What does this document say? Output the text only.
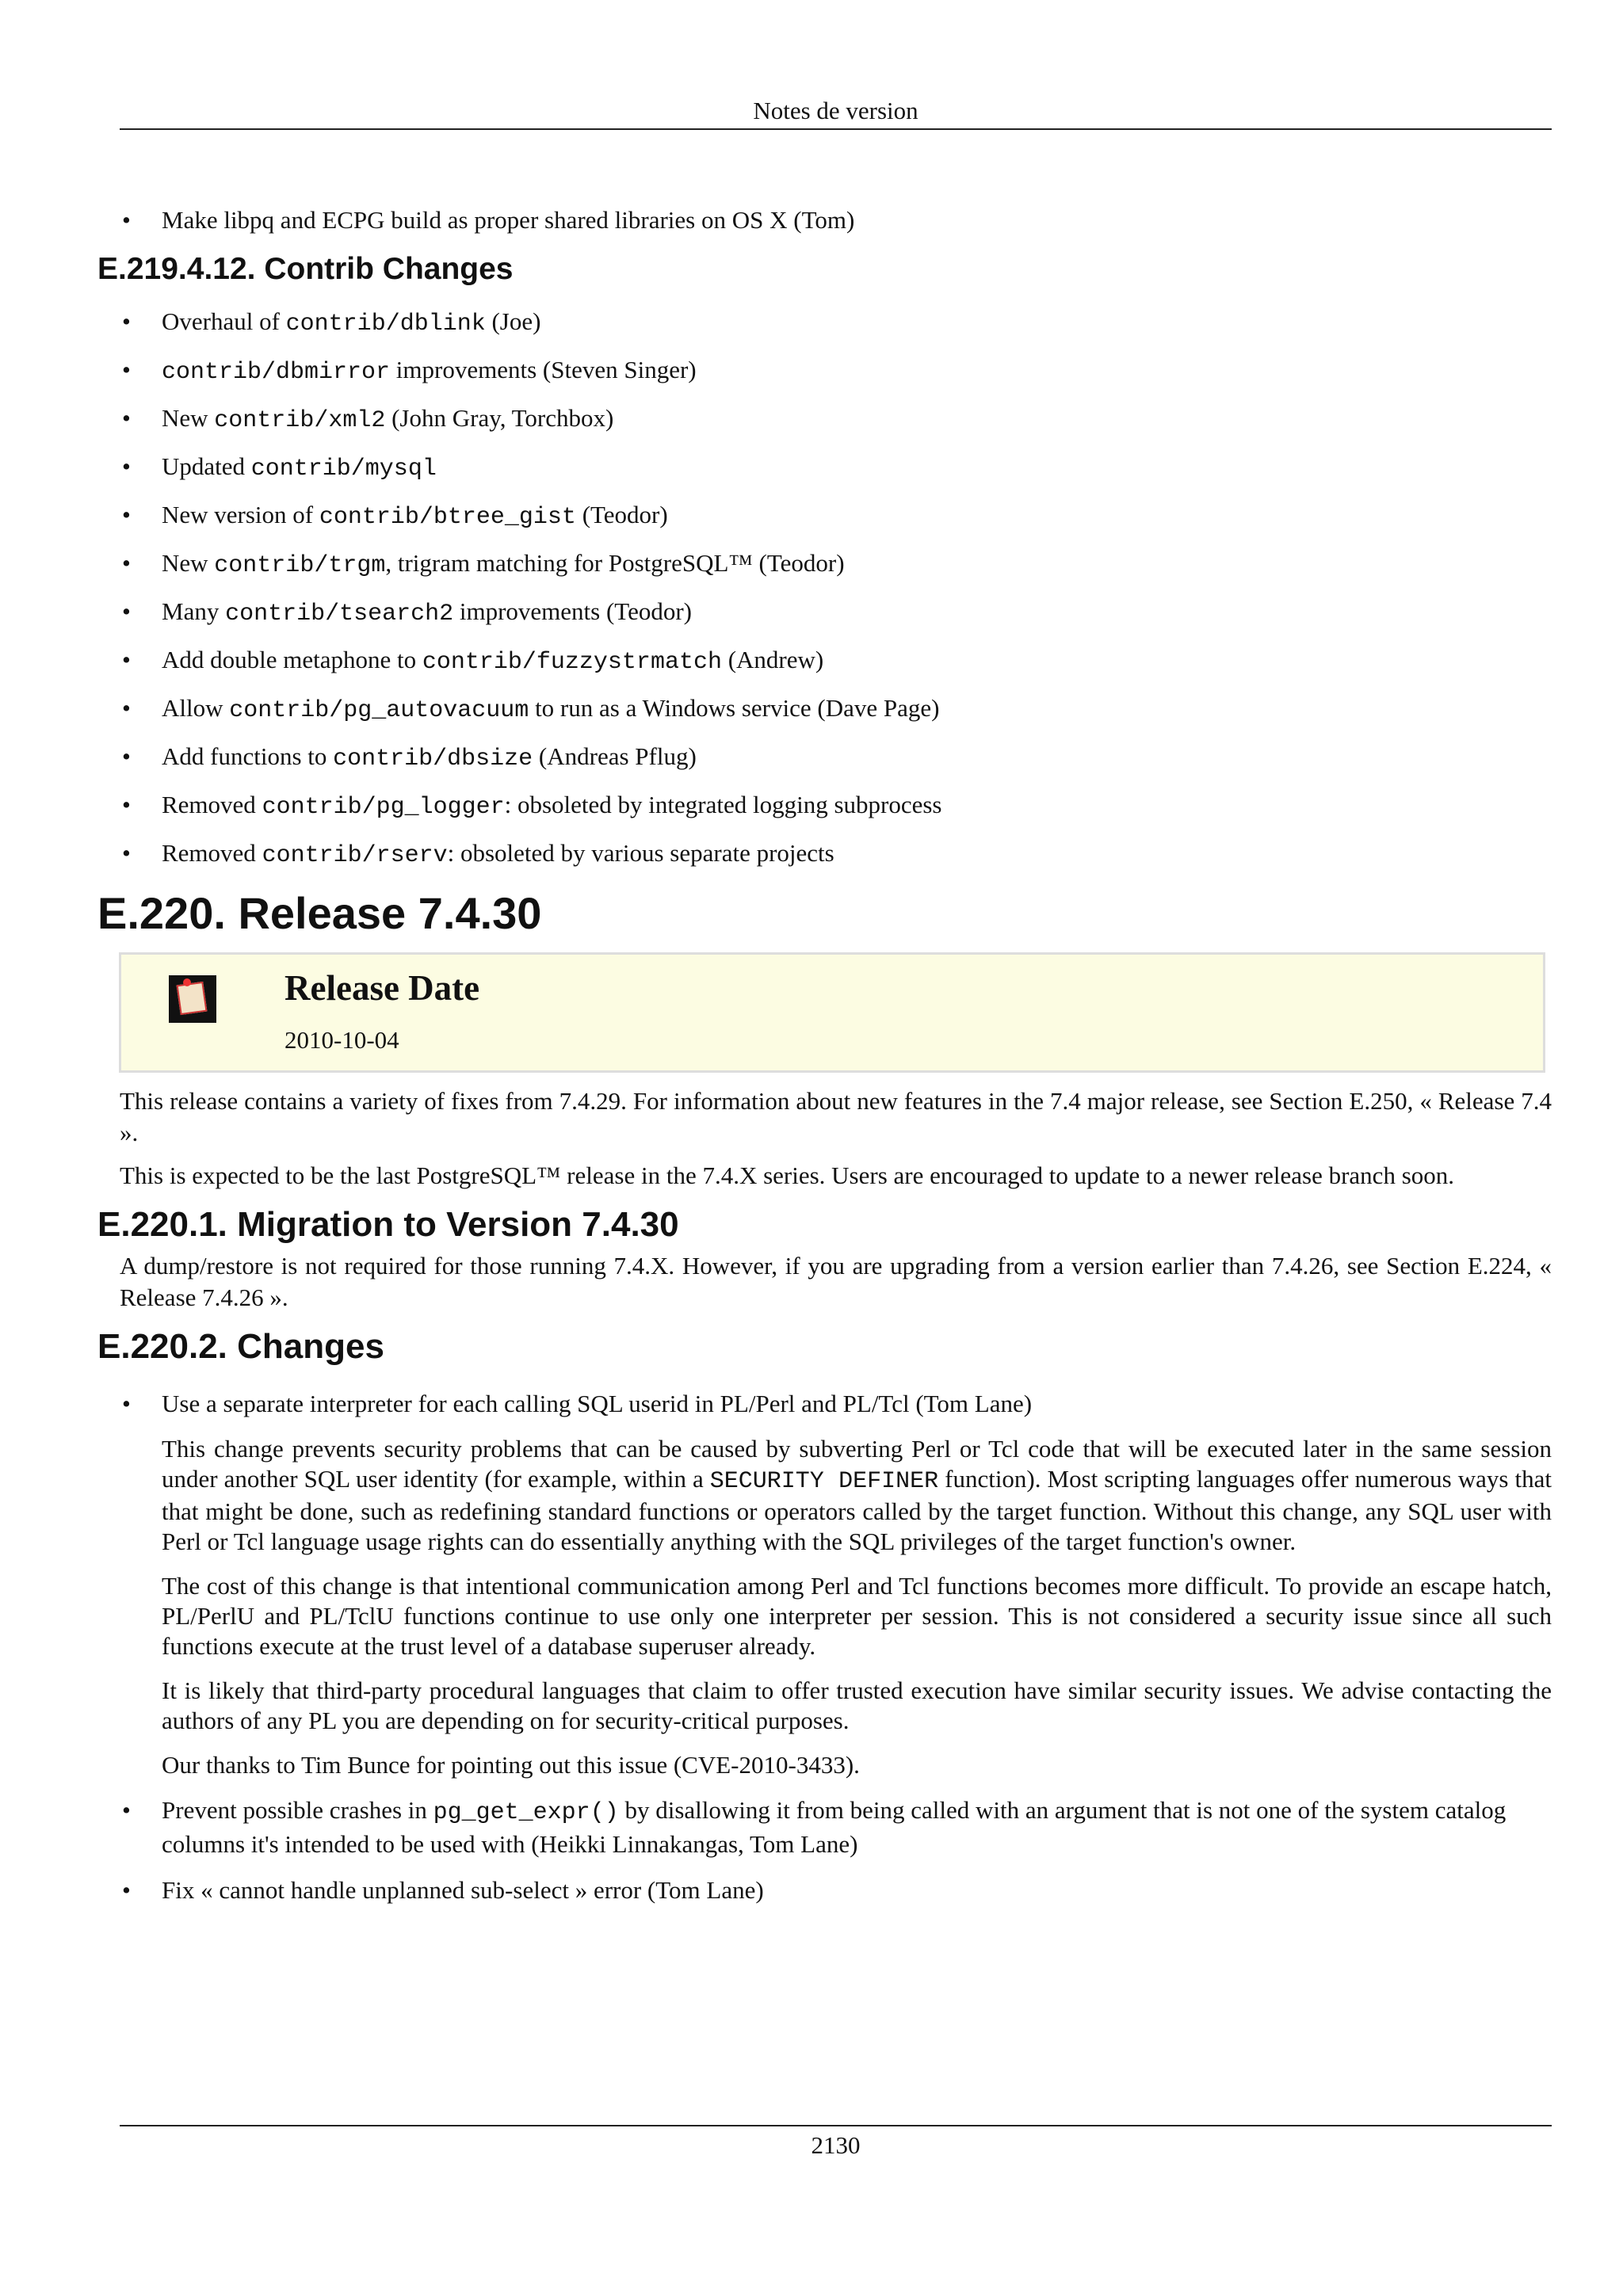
Notes de version
• Make libpq and ECPG build as proper shared libraries on OS X (Tom)
E.219.4.12. Contrib Changes
• Overhaul of contrib/dblink (Joe)
• contrib/dbmirror improvements (Steven Singer)
• New contrib/xml2 (John Gray, Torchbox)
• Updated contrib/mysql
• New version of contrib/btree_gist (Teodor)
• New contrib/trgm, trigram matching for PostgreSQL™ (Teodor)
• Many contrib/tsearch2 improvements (Teodor)
• Add double metaphone to contrib/fuzzystrmatch (Andrew)
• Allow contrib/pg_autovacuum to run as a Windows service (Dave Page)
• Add functions to contrib/dbsize (Andreas Pflug)
• Removed contrib/pg_logger: obsoleted by integrated logging subprocess
• Removed contrib/rserv: obsoleted by various separate projects
E.220. Release 7.4.30
Release Date
2010-10-04

This release contains a variety of fixes from 7.4.29. For information about new features in the 7.4 major release, see Section E.250, « Release 7.4 ».

This is expected to be the last PostgreSQL™ release in the 7.4.X series. Users are encouraged to update to a newer release branch soon.

E.220.1. Migration to Version 7.4.30

A dump/restore is not required for those running 7.4.X. However, if you are upgrading from a version earlier than 7.4.26, see Section E.224, « Release 7.4.26 ».

E.220.2. Changes
• Use a separate interpreter for each calling SQL userid in PL/Perl and PL/Tcl (Tom Lane)

This change prevents security problems that can be caused by subverting Perl or Tcl code that will be executed later in the same session under another SQL user identity (for example, within a SECURITY DEFINER function). Most scripting languages offer numerous ways that that might be done, such as redefining standard functions or operators called by the target function. Without this change, any SQL user with Perl or Tcl language usage rights can do essentially anything with the SQL privileges of the target function's owner.

The cost of this change is that intentional communication among Perl and Tcl functions becomes more difficult. To provide an escape hatch, PL/PerlU and PL/TclU functions continue to use only one interpreter per session. This is not considered a security issue since all such functions execute at the trust level of a database superuser already.

It is likely that third-party procedural languages that claim to offer trusted execution have similar security issues. We advise contacting the authors of any PL you are depending on for security-critical purposes.

Our thanks to Tim Bunce for pointing out this issue (CVE-2010-3433).

• Prevent possible crashes in pg_get_expr() by disallowing it from being called with an argument that is not one of the system catalog columns it's intended to be used with (Heikki Linnakangas, Tom Lane)
• Fix « cannot handle unplanned sub-select » error (Tom Lane)
2130
